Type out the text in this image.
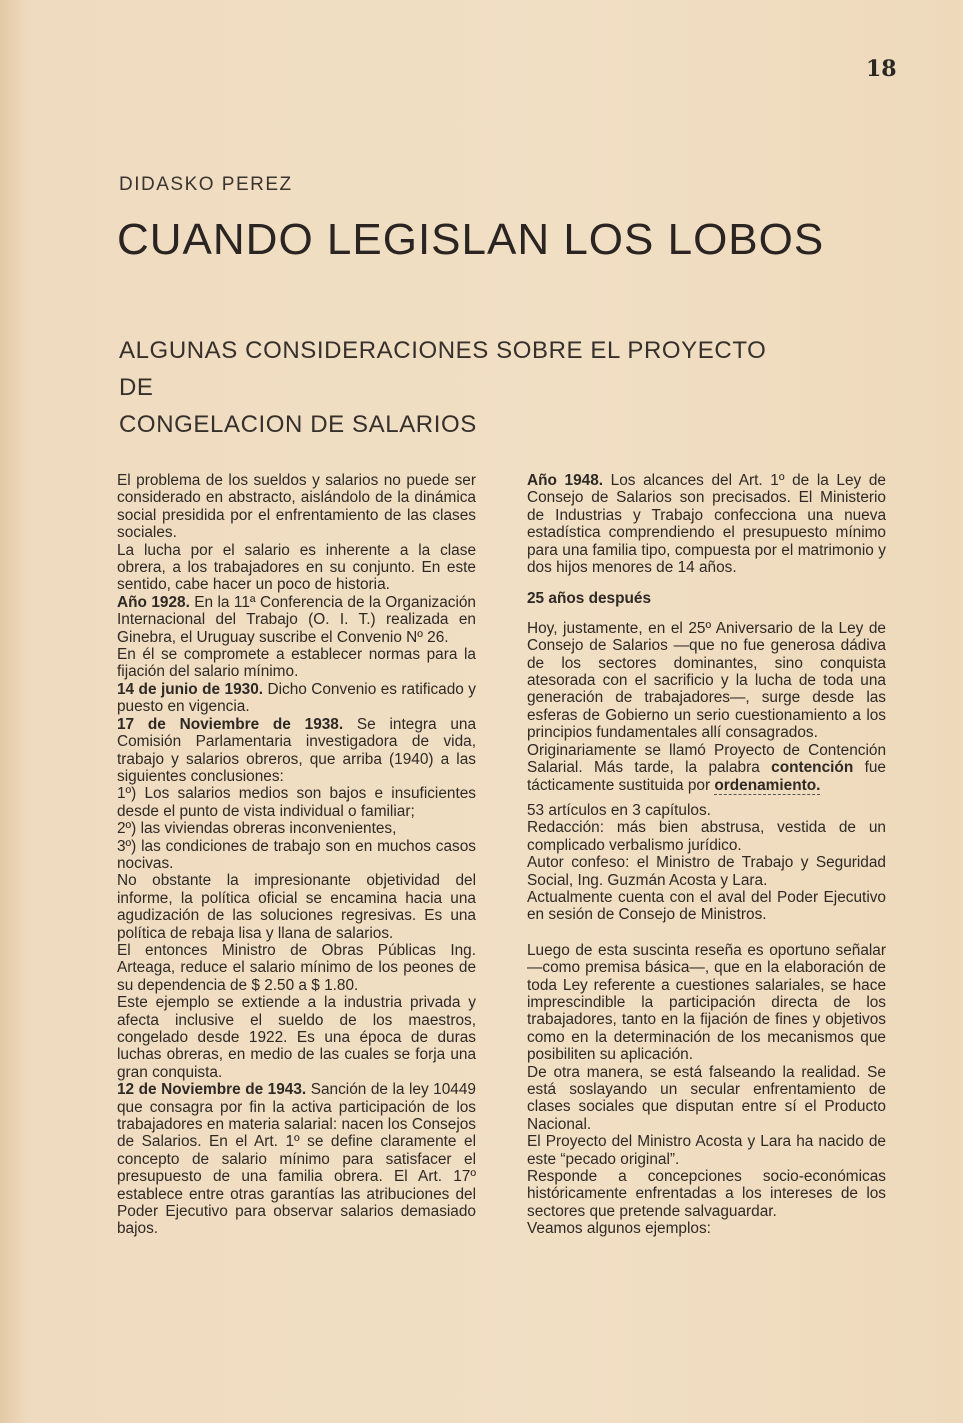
18
DIDASKO PEREZ
CUANDO LEGISLAN LOS LOBOS
ALGUNAS CONSIDERACIONES SOBRE EL PROYECTO DE
CONGELACION DE SALARIOS

El problema de los sueldos y salarios no puede ser considerado en abstracto, aislándolo de la dinámica social presidida por el enfrentamiento de las clases sociales.

La lucha por el salario es inherente a la clase obrera, a los trabajadores en su conjunto. En este sentido, cabe hacer un poco de historia.

Año 1928. En la 11ª Conferencia de la Organización Internacional del Trabajo (O. I. T.) realizada en Ginebra, el Uruguay suscribe el Convenio Nº 26.

En él se compromete a establecer normas para la fijación del salario mínimo.

14 de junio de 1930. Dicho Convenio es ratificado y puesto en vigencia.

17 de Noviembre de 1938. Se integra una Comisión Parlamentaria investigadora de vida, trabajo y salarios obreros, que arriba (1940) a las siguientes conclusiones:

1º) Los salarios medios son bajos e insuficientes desde el punto de vista individual o familiar;

2º) las viviendas obreras inconvenientes,

3º) las condiciones de trabajo son en muchos casos nocivas.

No obstante la impresionante objetividad del informe, la política oficial se encamina hacia una agudización de las soluciones regresivas. Es una política de rebaja lisa y llana de salarios.

El entonces Ministro de Obras Públicas Ing. Arteaga, reduce el salario mínimo de los peones de su dependencia de $ 2.50 a $ 1.80.

Este ejemplo se extiende a la industria privada y afecta inclusive el sueldo de los maestros, congelado desde 1922. Es una época de duras luchas obreras, en medio de las cuales se forja una gran conquista.

12 de Noviembre de 1943. Sanción de la ley 10449 que consagra por fin la activa participación de los trabajadores en materia salarial: nacen los Consejos de Salarios. En el Art. 1º se define claramente el concepto de salario mínimo para satisfacer el presupuesto de una familia obrera. El Art. 17º establece entre otras garantías las atribuciones del Poder Ejecutivo para observar salarios demasiado bajos.

Año 1948. Los alcances del Art. 1º de la Ley de Consejo de Salarios son precisados. El Ministerio de Industrias y Trabajo confecciona una nueva estadística comprendiendo el presupuesto mínimo para una familia tipo, compuesta por el matrimonio y dos hijos menores de 14 años.

25 años después

Hoy, justamente, en el 25º Aniversario de la Ley de Consejo de Salarios —que no fue generosa dádiva de los sectores dominantes, sino conquista atesorada con el sacrificio y la lucha de toda una generación de trabajadores—, surge desde las esferas de Gobierno un serio cuestionamiento a los principios fundamentales allí consagrados.

Originariamente se llamó Proyecto de Contención Salarial. Más tarde, la palabra contención fue tácticamente sustituida por ordenamiento.

53 artículos en 3 capítulos.

Redacción: más bien abstrusa, vestida de un complicado verbalismo jurídico.

Autor confeso: el Ministro de Trabajo y Seguridad Social, Ing. Guzmán Acosta y Lara.

Actualmente cuenta con el aval del Poder Ejecutivo en sesión de Consejo de Ministros.

Luego de esta suscinta reseña es oportuno señalar —como premisa básica—, que en la elaboración de toda Ley referente a cuestiones salariales, se hace imprescindible la participación directa de los trabajadores, tanto en la fijación de fines y objetivos como en la determinación de los mecanismos que posibiliten su aplicación.

De otra manera, se está falseando la realidad. Se está soslayando un secular enfrentamiento de clases sociales que disputan entre sí el Producto Nacional.

El Proyecto del Ministro Acosta y Lara ha nacido de este “pecado original”.

Responde a concepciones socio-económicas históricamente enfrentadas a los intereses de los sectores que pretende salvaguardar.

Veamos algunos ejemplos:
